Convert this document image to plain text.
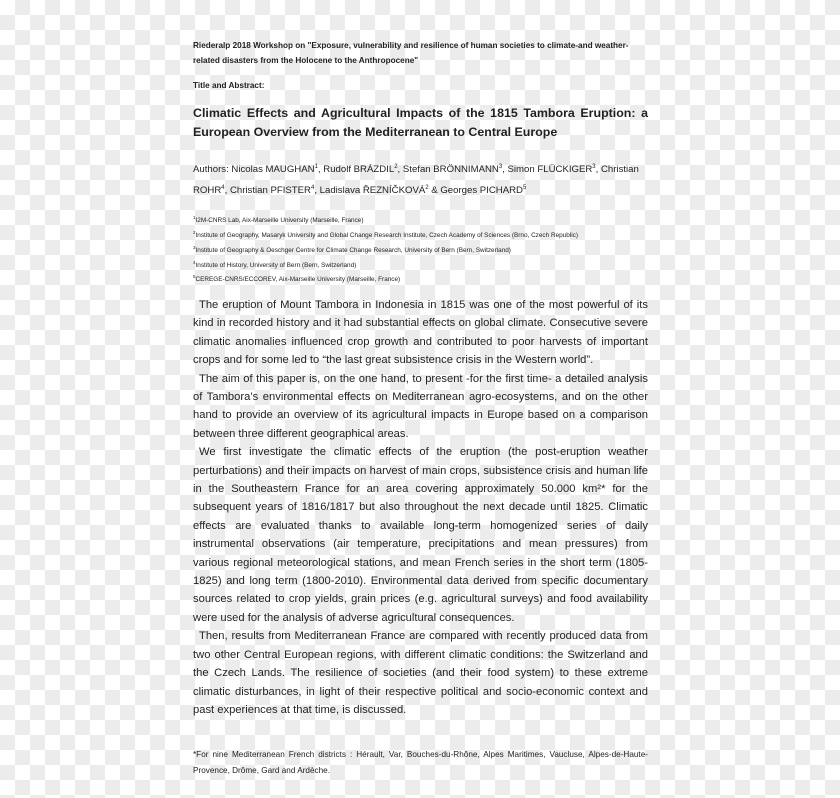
Riederalp 2018 Workshop on "Exposure, vulnerability and resilience of human societies to climate-and weather-related disasters from the Holocene to the Anthropocene"

Title and Abstract:
Climatic Effects and Agricultural Impacts of the 1815 Tambora Eruption: a European Overview from the Mediterranean to Central Europe
Authors: Nicolas MAUGHAN$^1$, Rudolf BRÁZDIL$^2$, Stefan BRÖNNIMANN$^3$, Simon FLÜCKIGER$^3$, Christian ROHR$^4$, Christian PFISTER$^4$, Ladislava ŘEZNÍČKOVÁ$^2$ & Georges PICHARD$^5$
$^1$I2M-CNRS Lab, Aix-Marseille University (Marseille, France)
$^2$Institute of Geography, Masaryk University and Global Change Research Institute, Czech Academy of Sciences (Brno, Czech Republic)
$^3$Institute of Geography & Oeschger Centre for Climate Change Research, University of Bern (Bern, Switzerland)
$^4$Institute of History, University of Bern (Bern, Switzerland)
$^5$CEREGE-CNRS/ECCOREV, Aix-Marseille University (Marseille, France)

The eruption of Mount Tambora in Indonesia in 1815 was one of the most powerful of its kind in recorded history and it had substantial effects on global climate. Consecutive severe climatic anomalies influenced crop growth and contributed to poor harvests of important crops and for some led to “the last great subsistence crisis in the Western world”.

The aim of this paper is, on the one hand, to present -for the first time- a detailed analysis of Tambora’s environmental effects on Mediterranean agro-ecosystems, and on the other hand to provide an overview of its agricultural impacts in Europe based on a comparison between three different geographical areas.

We first investigate the climatic effects of the eruption (the post-eruption weather perturbations) and their impacts on harvest of main crops, subsistence crisis and human life in the Southeastern France for an area covering approximately 50.000 km²* for the subsequent years of 1816/1817 but also throughout the next decade until 1825. Climatic effects are evaluated thanks to available long-term homogenized series of daily instrumental observations (air temperature, precipitations and mean pressures) from various regional meteorological stations, and mean French series in the short term (1805-1825) and long term (1800-2010). Environmental data derived from specific documentary sources related to crop yields, grain prices (e.g. agricultural surveys) and food availability were used for the analysis of adverse agricultural consequences.

Then, results from Mediterranean France are compared with recently produced data from two other Central European regions, with different climatic conditions: the Switzerland and the Czech Lands. The resilience of societies (and their food system) to these extreme climatic disturbances, in light of their respective political and socio-economic context and past experiences at that time, is discussed.

*For nine Mediterranean French districts : Hérault, Var, Bouches-du-Rhône, Alpes Maritimes, Vaucluse, Alpes-de-Haute-Provence, Drôme, Gard and Ardèche.
